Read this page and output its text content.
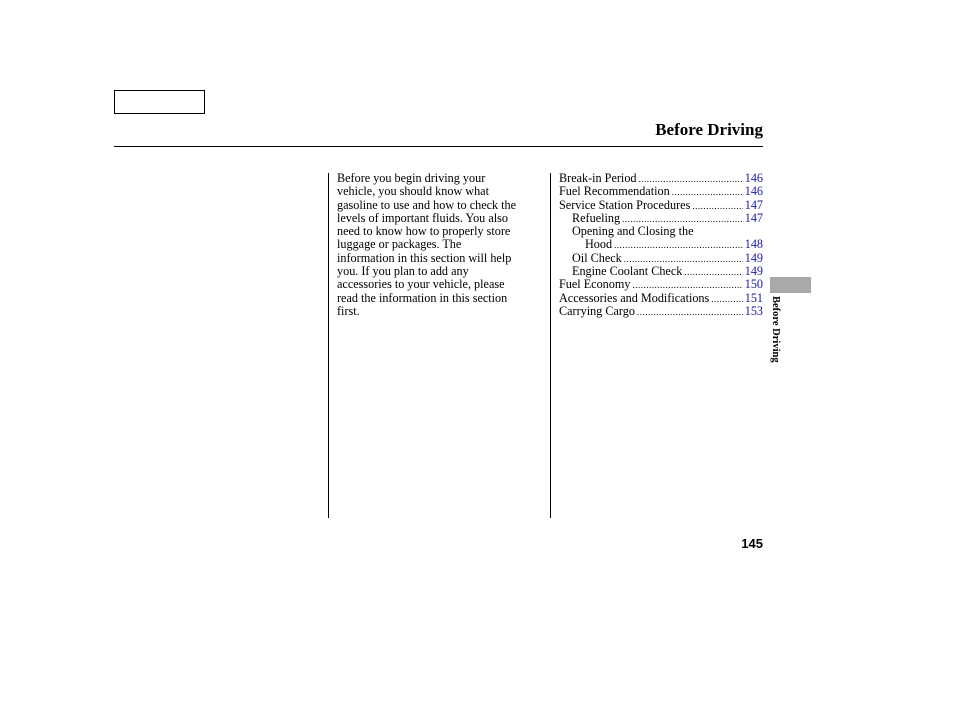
Before Driving

Before you begin driving your
vehicle, you should know what
gasoline to use and how to check the
levels of important fluids. You also
need to know how to properly store
luggage or packages. The
information in this section will help
you. If you plan to add any
accessories to your vehicle, please
read the information in this section
first.

Break-in Period .....	146
Fuel Recommendation .....	146
Service Station Procedures .....	147
Refueling .....	147
Opening and Closing the
Hood .....	148
Oil Check .....	149
Engine Coolant Check .....	149
Fuel Economy .....	150
Accessories and Modifications .....	151
Carrying Cargo .....	153 Before Driving
145
